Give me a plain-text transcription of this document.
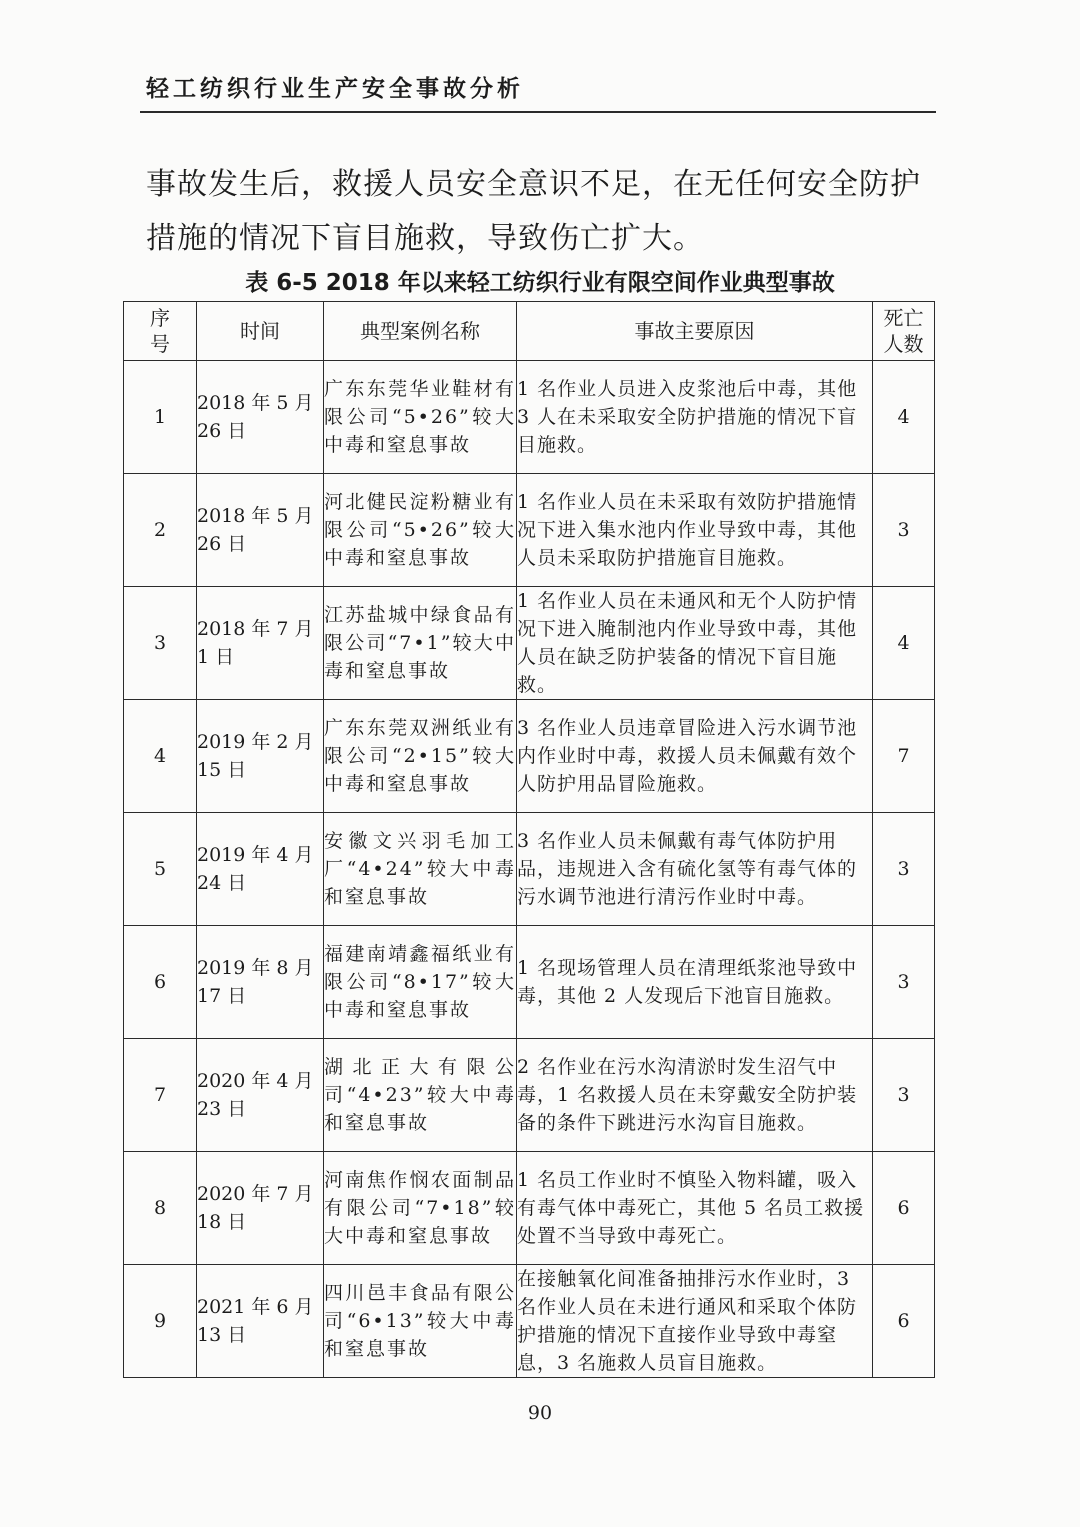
轻工纺织行业生产安全事故分析
事故发生后，救援人员安全意识不足，在无任何安全防护措施的情况下盲目施救，导致伤亡扩大。
表 6-5 2018 年以来轻工纺织行业有限空间作业典型事故
序号	时间	典型案例名称	事故主要原因	死亡人数
1	2018 年 5 月 26 日	广东东莞华业鞋材有限公司“5•26”较大中毒和窒息事故	1 名作业人员进入皮浆池后中毒，其他 3 人在未采取安全防护措施的情况下盲目施救。	4
2	2018 年 5 月 26 日	河北健民淀粉糖业有限公司“5•26”较大中毒和窒息事故	1 名作业人员在未采取有效防护措施情况下进入集水池内作业导致中毒，其他人员未采取防护措施盲目施救。	3
3	2018 年 7 月 1 日	江苏盐城中绿食品有限公司“7•1”较大中毒和窒息事故	1 名作业人员在未通风和无个人防护情况下进入腌制池内作业导致中毒，其他人员在缺乏防护装备的情况下盲目施救。	4
4	2019 年 2 月 15 日	广东东莞双洲纸业有限公司“2•15”较大中毒和窒息事故	3 名作业人员违章冒险进入污水调节池内作业时中毒，救援人员未佩戴有效个人防护用品冒险施救。	7
5	2019 年 4 月 24 日	安徽文兴羽毛加工厂“4•24”较大中毒和窒息事故	3 名作业人员未佩戴有毒气体防护用品，违规进入含有硫化氢等有毒气体的污水调节池进行清污作业时中毒。	3
6	2019 年 8 月 17 日	福建南靖鑫福纸业有限公司“8•17”较大中毒和窒息事故	1 名现场管理人员在清理纸浆池导致中毒，其他 2 人发现后下池盲目施救。	3
7	2020 年 4 月 23 日	湖北正大有限公司“4•23”较大中毒和窒息事故	2 名作业在污水沟清淤时发生沼气中毒，1 名救援人员在未穿戴安全防护装备的条件下跳进污水沟盲目施救。	3
8	2020 年 7 月 18 日	河南焦作悯农面制品有限公司“7•18”较大中毒和窒息事故	1 名员工作业时不慎坠入物料罐，吸入有毒气体中毒死亡，其他 5 名员工救援处置不当导致中毒死亡。	6
9	2021 年 6 月 13 日	四川邑丰食品有限公司“6•13”较大中毒和窒息事故	在接触氧化间准备抽排污水作业时，3 名作业人员在未进行通风和采取个体防护措施的情况下直接作业导致中毒窒息，3 名施救人员盲目施救。	6
90
